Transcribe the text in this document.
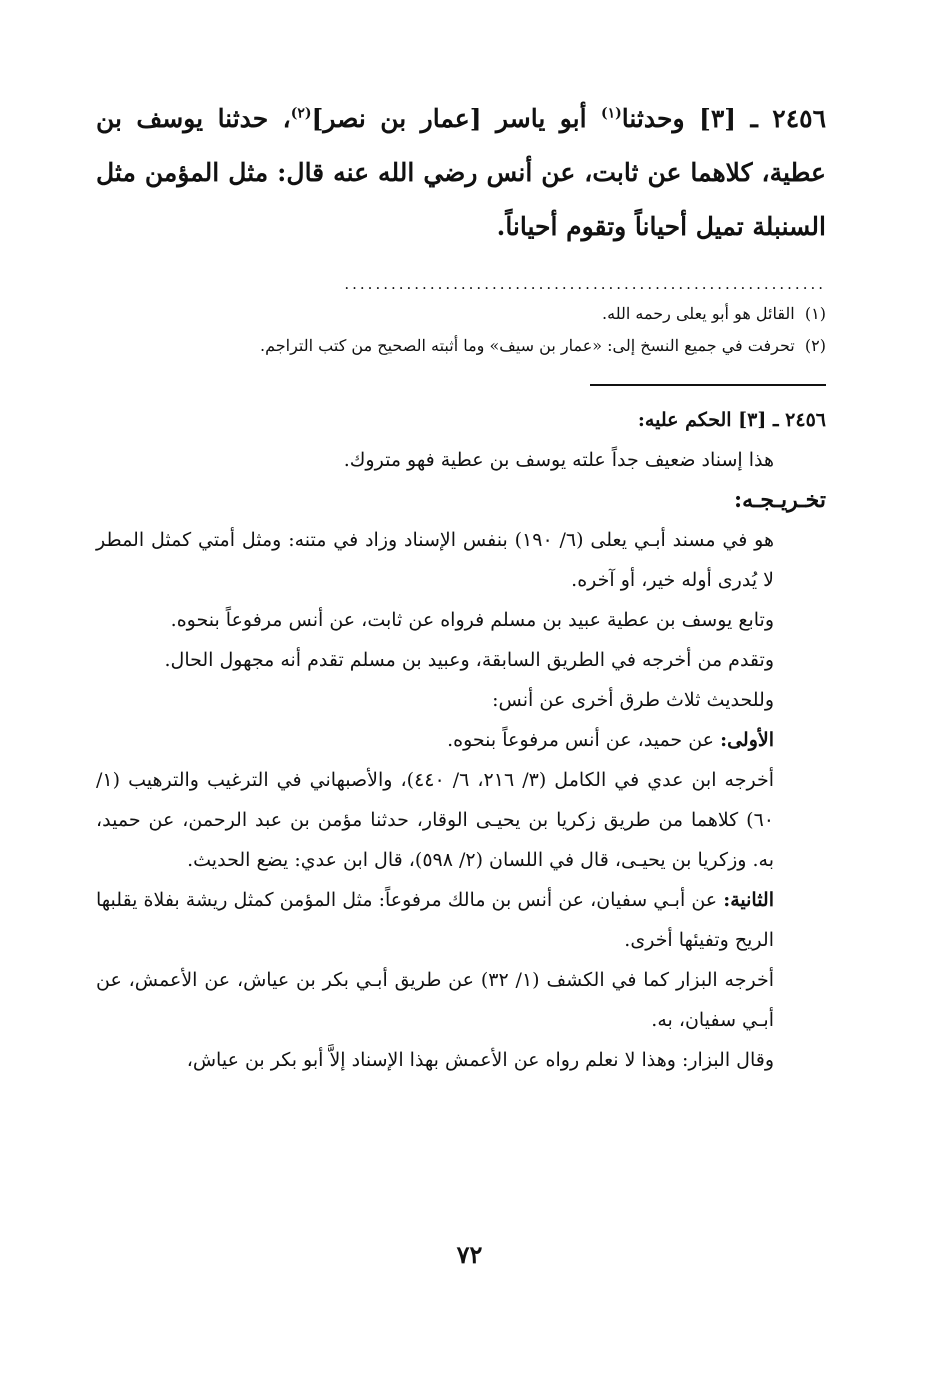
٢٤٥٦ ـ [٣] وحدثنا$^{(١)}$ أبو ياسر [عمار بن نصر]$^{(٢)}$، حدثنا يوسف بن عطية، كلاهما عن ثابت، عن أنس رضي الله عنه قال: مثل المؤمن مثل السنبلة تميل أحياناً وتقوم أحياناً.

..............................................................

(١)  القائل هو أبو يعلى رحمه الله.

(٢)  تحرفت في جميع النسخ إلى: «عمار بن سيف» وما أثبته الصحيح من كتب التراجم.

٢٤٥٦ ـ [٣] الحكم عليه:

هذا إسناد ضعيف جداً علته يوسف بن عطية فهو متروك.

تخـريـجـه:

هو في مسند أبـي يعلى (٦/ ١٩٠) بنفس الإسناد وزاد في متنه: ومثل أمتي كمثل المطر لا يُدرى أوله خير، أو آخره.

وتابع يوسف بن عطية عبيد بن مسلم فرواه عن ثابت، عن أنس مرفوعاً بنحوه.

وتقدم من أخرجه في الطريق السابقة، وعبيد بن مسلم تقدم أنه مجهول الحال.

وللحديث ثلاث طرق أخرى عن أنس:

الأولى: عن حميد، عن أنس مرفوعاً بنحوه.

أخرجه ابن عدي في الكامل (٣/ ٢١٦، ٦/ ٤٤٠)، والأصبهاني في الترغيب والترهيب (١/ ٦٠) كلاهما من طريق زكريا بن يحيـى الوقار، حدثنا مؤمن بن عبد الرحمن، عن حميد، به. وزكريا بن يحيـى، قال في اللسان (٢/ ٥٩٨)، قال ابن عدي: يضع الحديث.

الثانية: عن أبـي سفيان، عن أنس بن مالك مرفوعاً: مثل المؤمن كمثل ريشة بفلاة يقلبها الريح وتفيئها أخرى.

أخرجه البزار كما في الكشف (١/ ٣٢) عن طريق أبـي بكر بن عياش، عن الأعمش، عن أبـي سفيان، به.

وقال البزار: وهذا لا نعلم رواه عن الأعمش بهذا الإسناد إلاَّ أبو بكر بن عياش،

٧٢
